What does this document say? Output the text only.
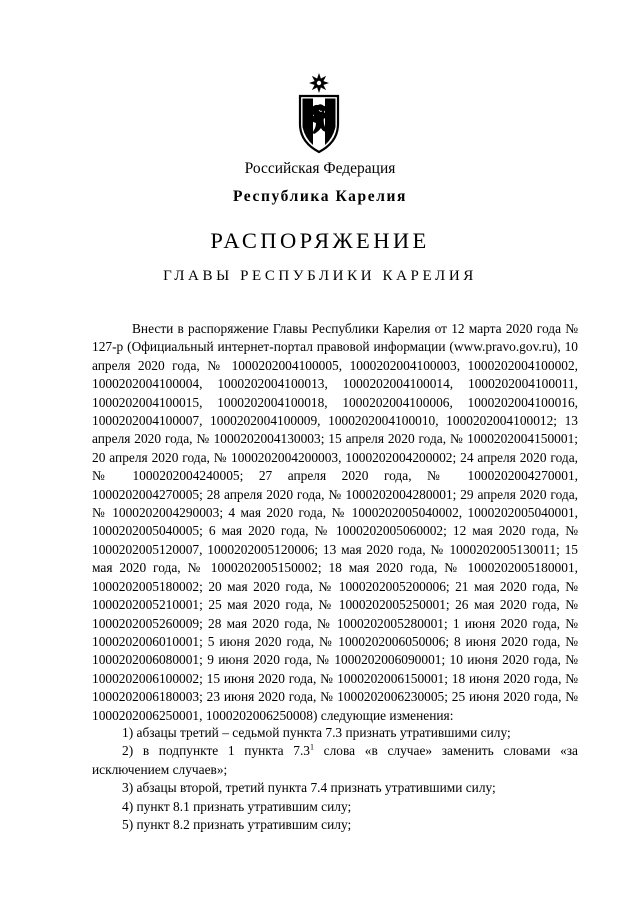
Российская Федерация
Республика Карелия
РАСПОРЯЖЕНИЕ
ГЛАВЫ РЕСПУБЛИКИ КАРЕЛИЯ

Внести в распоряжение Главы Республики Карелия от 12 марта 2020 года № 127-р (Официальный интернет-портал правовой информации (www.pravo.gov.ru), 10 апреля 2020 года, № 1000202004100005, 1000202004100003, 1000202004100002, 1000202004100004, 1000202004100013, 1000202004100014, 1000202004100011, 1000202004100015, 1000202004100018, 1000202004100006, 1000202004100016, 1000202004100007, 1000202004100009, 1000202004100010, 1000202004100012; 13 апреля 2020 года, № 1000202004130003; 15 апреля 2020 года, № 1000202004150001; 20 апреля 2020 года, № 1000202004200003, 1000202004200002; 24 апреля 2020 года, № 1000202004240005; 27 апреля 2020 года, № 1000202004270001, 1000202004270005; 28 апреля 2020 года, № 1000202004280001; 29 апреля 2020 года, № 1000202004290003; 4 мая 2020 года, № 1000202005040002, 1000202005040001, 1000202005040005; 6 мая 2020 года, № 1000202005060002; 12 мая 2020 года, № 1000202005120007, 1000202005120006; 13 мая 2020 года, № 1000202005130011; 15 мая 2020 года, № 1000202005150002; 18 мая 2020 года, № 1000202005180001, 1000202005180002; 20 мая 2020 года, № 1000202005200006; 21 мая 2020 года, № 1000202005210001; 25 мая 2020 года, № 1000202005250001; 26 мая 2020 года, № 1000202005260009; 28 мая 2020 года, № 1000202005280001; 1 июня 2020 года, № 1000202006010001; 5 июня 2020 года, № 1000202006050006; 8 июня 2020 года, № 1000202006080001; 9 июня 2020 года, № 1000202006090001; 10 июня 2020 года, № 1000202006100002; 15 июня 2020 года, № 1000202006150001; 18 июня 2020 года, № 1000202006180003; 23 июня 2020 года, № 1000202006230005; 25 июня 2020 года, № 1000202006250001, 1000202006250008) следующие изменения:

1) абзацы третий – седьмой пункта 7.3 признать утратившими силу;
2) в подпункте 1 пункта $7.3^1$ слова «в случае» заменить словами «за исключением случаев»;
3) абзацы второй, третий пункта 7.4 признать утратившими силу;
4) пункт 8.1 признать утратившим силу;
5) пункт 8.2 признать утратившим силу;
